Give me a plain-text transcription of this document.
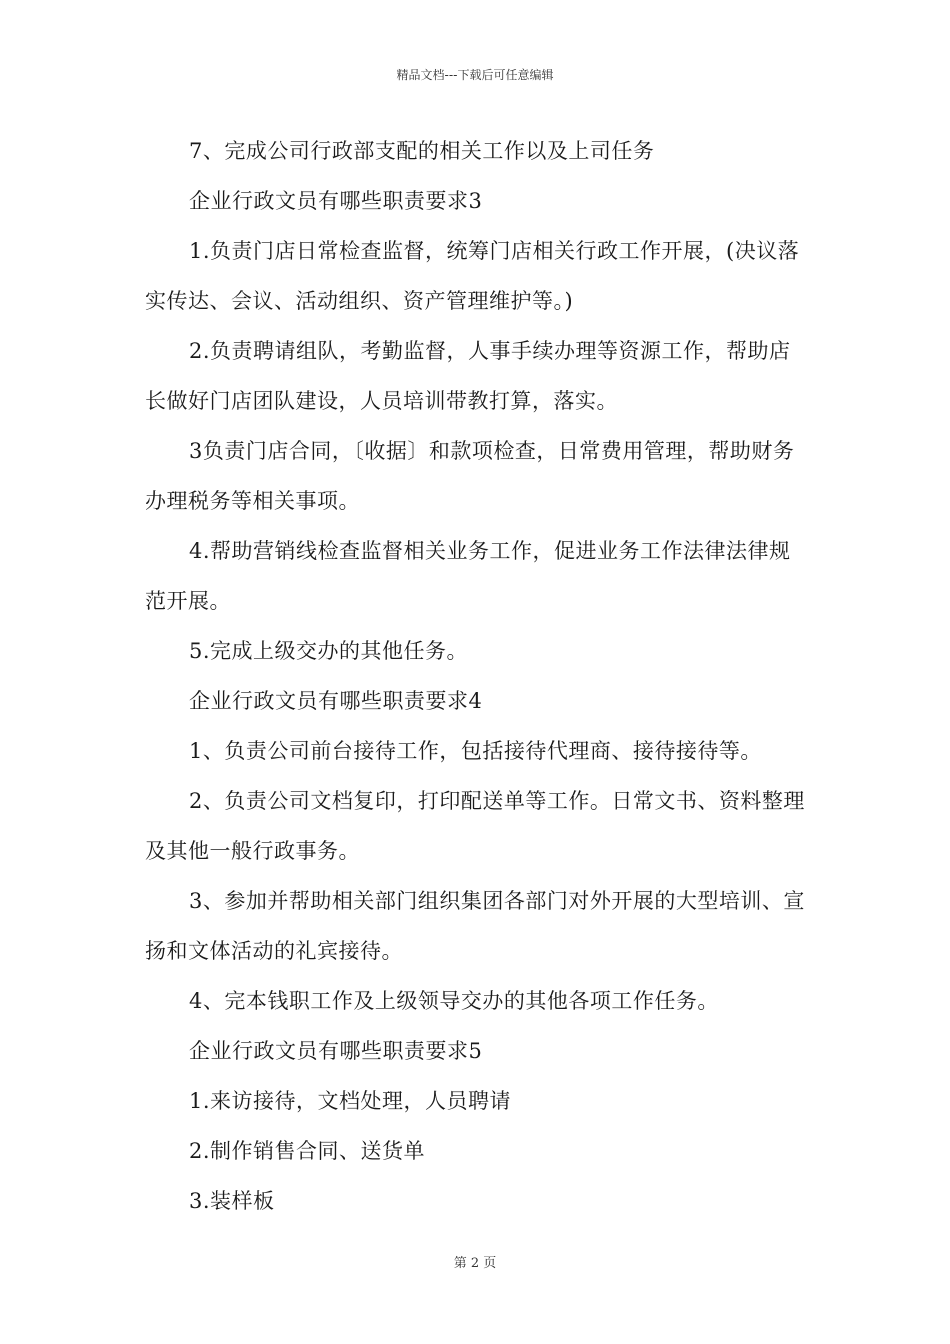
精品文档---下载后可任意编辑

7、完成公司行政部支配的相关工作以及上司任务

企业行政文员有哪些职责要求3

1.负责门店日常检查监督，统筹门店相关行政工作开展，(决议落实传达、会议、活动组织、资产管理维护等。)

2.负责聘请组队，考勤监督，人事手续办理等资源工作，帮助店长做好门店团队建设，人员培训带教打算，落实。

3负责门店合同，〔收据〕和款项检查，日常费用管理，帮助财务办理税务等相关事项。

4.帮助营销线检查监督相关业务工作，促进业务工作法律法律规范开展。

5.完成上级交办的其他任务。

企业行政文员有哪些职责要求4

1、负责公司前台接待工作，包括接待代理商、接待接待等。

2、负责公司文档复印，打印配送单等工作。日常文书、资料整理及其他一般行政事务。

3、参加并帮助相关部门组织集团各部门对外开展的大型培训、宣扬和文体活动的礼宾接待。

4、完本钱职工作及上级领导交办的其他各项工作任务。

企业行政文员有哪些职责要求5

1.来访接待，文档处理，人员聘请

2.制作销售合同、送货单

3.装样板

第 2 页
